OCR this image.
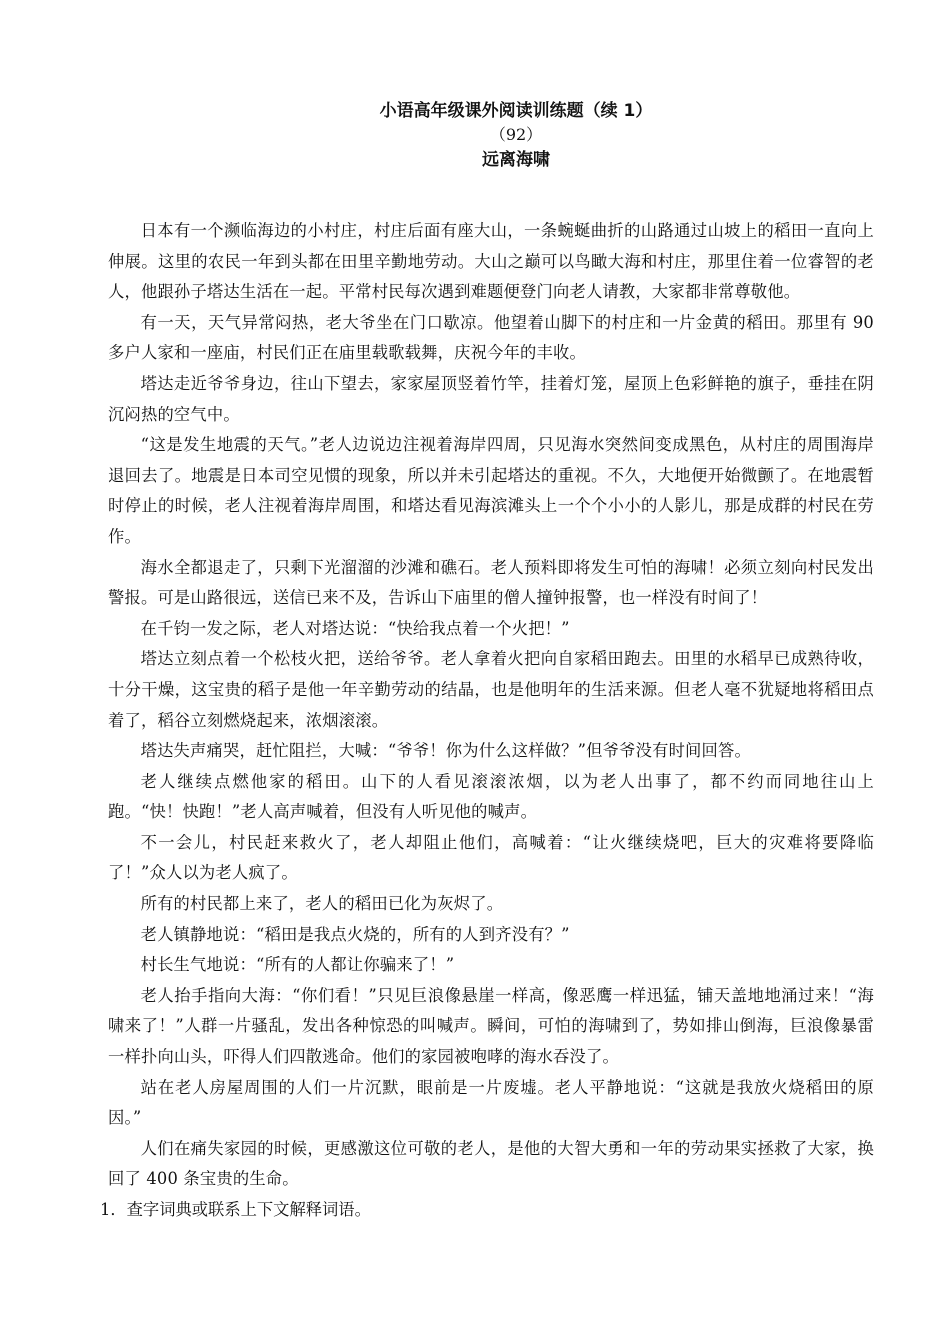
小语高年级课外阅读训练题（续 1）

（92）

远离海啸

日本有一个濒临海边的小村庄，村庄后面有座大山，一条蜿蜒曲折的山路通过山坡上的稻田一直向上伸展。这里的农民一年到头都在田里辛勤地劳动。大山之巅可以鸟瞰大海和村庄，那里住着一位睿智的老人，他跟孙子塔达生活在一起。平常村民每次遇到难题便登门向老人请教，大家都非常尊敬他。

有一天，天气异常闷热，老大爷坐在门口歇凉。他望着山脚下的村庄和一片金黄的稻田。那里有 90 多户人家和一座庙，村民们正在庙里载歌载舞，庆祝今年的丰收。

塔达走近爷爷身边，往山下望去，家家屋顶竖着竹竿，挂着灯笼，屋顶上色彩鲜艳的旗子，垂挂在阴沉闷热的空气中。

“这是发生地震的天气。”老人边说边注视着海岸四周，只见海水突然间变成黑色，从村庄的周围海岸退回去了。地震是日本司空见惯的现象，所以并未引起塔达的重视。不久，大地便开始微颤了。在地震暂时停止的时候，老人注视着海岸周围，和塔达看见海滨滩头上一个个小小的人影儿，那是成群的村民在劳作。

海水全都退走了，只剩下光溜溜的沙滩和礁石。老人预料即将发生可怕的海啸！必须立刻向村民发出警报。可是山路很远，送信已来不及，告诉山下庙里的僧人撞钟报警，也一样没有时间了！

在千钧一发之际，老人对塔达说：“快给我点着一个火把！”

塔达立刻点着一个松枝火把，送给爷爷。老人拿着火把向自家稻田跑去。田里的水稻早已成熟待收，十分干燥，这宝贵的稻子是他一年辛勤劳动的结晶，也是他明年的生活来源。但老人毫不犹疑地将稻田点着了，稻谷立刻燃烧起来，浓烟滚滚。

塔达失声痛哭，赶忙阻拦，大喊：“爷爷！你为什么这样做？”但爷爷没有时间回答。

老人继续点燃他家的稻田。山下的人看见滚滚浓烟，以为老人出事了，都不约而同地往山上跑。“快！快跑！”老人高声喊着，但没有人听见他的喊声。

不一会儿，村民赶来救火了，老人却阻止他们，高喊着：“让火继续烧吧，巨大的灾难将要降临了！”众人以为老人疯了。

所有的村民都上来了，老人的稻田已化为灰烬了。

老人镇静地说：“稻田是我点火烧的，所有的人到齐没有？”

村长生气地说：“所有的人都让你骗来了！”

老人抬手指向大海：“你们看！”只见巨浪像悬崖一样高，像恶鹰一样迅猛，铺天盖地地涌过来！“海啸来了！”人群一片骚乱，发出各种惊恐的叫喊声。瞬间，可怕的海啸到了，势如排山倒海，巨浪像暴雷一样扑向山头，吓得人们四散逃命。他们的家园被咆哮的海水吞没了。

站在老人房屋周围的人们一片沉默，眼前是一片废墟。老人平静地说：“这就是我放火烧稻田的原因。”

人们在痛失家园的时候，更感激这位可敬的老人，是他的大智大勇和一年的劳动果实拯救了大家，换回了 400 条宝贵的生命。

1．查字词典或联系上下文解释词语。
